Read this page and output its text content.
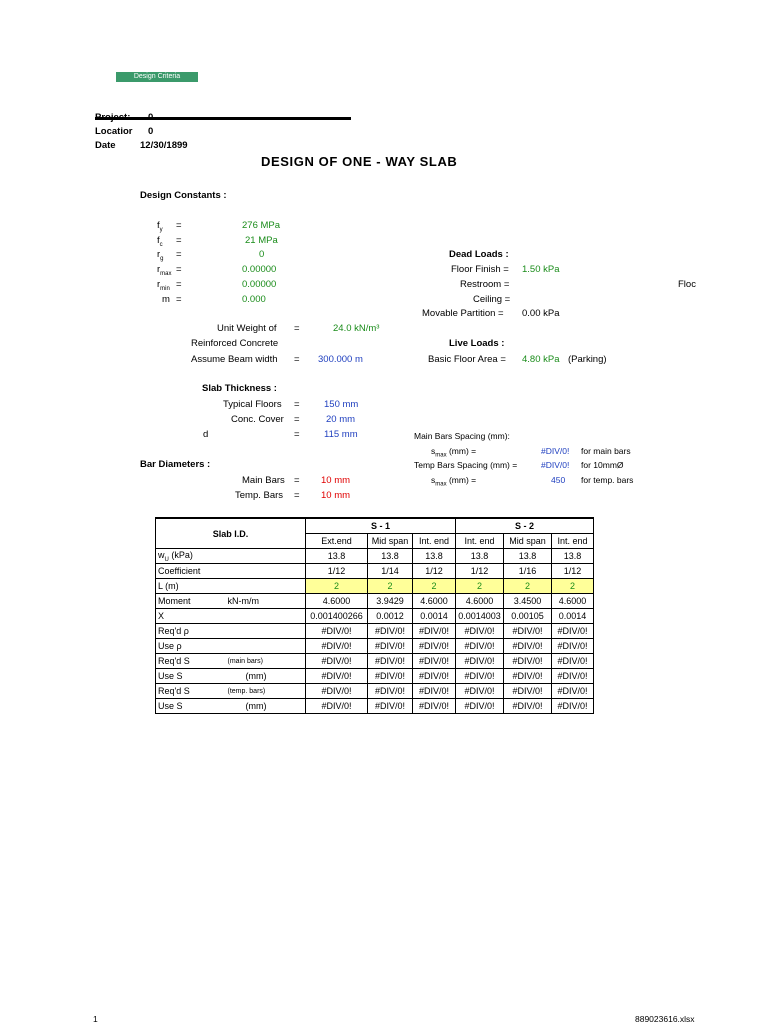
Design Criteria
Locatior 0
Date	12/30/1899
DESIGN OF ONE - WAY SLAB
Design Constants :
$f_y$ =	276 MPa
$f_c$ =	21 MPa
$r_g$ =	0
$r_{max}$ =	0.00000
$r_{min}$ =	0.00000
m =	0.000
Unit Weight of =	24.0 kN/m³
Reinforced Concrete
Assume Beam width = 300.000 m
Dead Loads :
Floor Finish = 1.50 kPa
Restroom =	Floc
Ceiling =
Movable Partition = 0.00 kPa
Live Loads :
Basic Floor Area = 4.80 kPa (Parking)
Slab Thickness :
Typical Floors =	150 mm
Conc. Cover =	20 mm
d	=	115 mm	Main Bars Spacing (mm):
$s_{max}$ (mm) =	#DIV/0! for main bars
Temp Bars Spacing (mm) =	#DIV/0! for 10mmØ
$s_{max}$ (mm) =	450 for temp. bars
Bar Diameters :
Main Bars = 10 mm
Temp. Bars = 10 mm
Slab I.D.		S - 1			S - 2		
		Ext.end	Mid span	Int. end	Int. end	Mid span	Int. end
$w_U$ (kPa)		13.8	13.8	13.8	13.8	13.8	13.8
Coefficient		1/12	1/14	1/12	1/12	1/16	1/12
L (m)		2	2	2	2	2	2
Moment	kN-m/m	4.6000	3.9429	4.6000	4.6000	3.4500	4.6000
X		0.001400266	0.0012	0.0014	0.0014003	0.00105	0.0014
Req'd ρ		#DIV/0!	#DIV/0!	#DIV/0!	#DIV/0!	#DIV/0!	#DIV/0!
Use ρ		#DIV/0!	#DIV/0!	#DIV/0!	#DIV/0!	#DIV/0!	#DIV/0!
Req'd S	(main bars)	#DIV/0!	#DIV/0!	#DIV/0!	#DIV/0!	#DIV/0!	#DIV/0!
Use S	(mm)	#DIV/0!	#DIV/0!	#DIV/0!	#DIV/0!	#DIV/0!	#DIV/0!
Req'd S	(temp. bars)	#DIV/0!	#DIV/0!	#DIV/0!	#DIV/0!	#DIV/0!	#DIV/0!
Use S	(mm)	#DIV/0!	#DIV/0!	#DIV/0!	#DIV/0!	#DIV/0!	#DIV/0!
1	889023616.xlsx
